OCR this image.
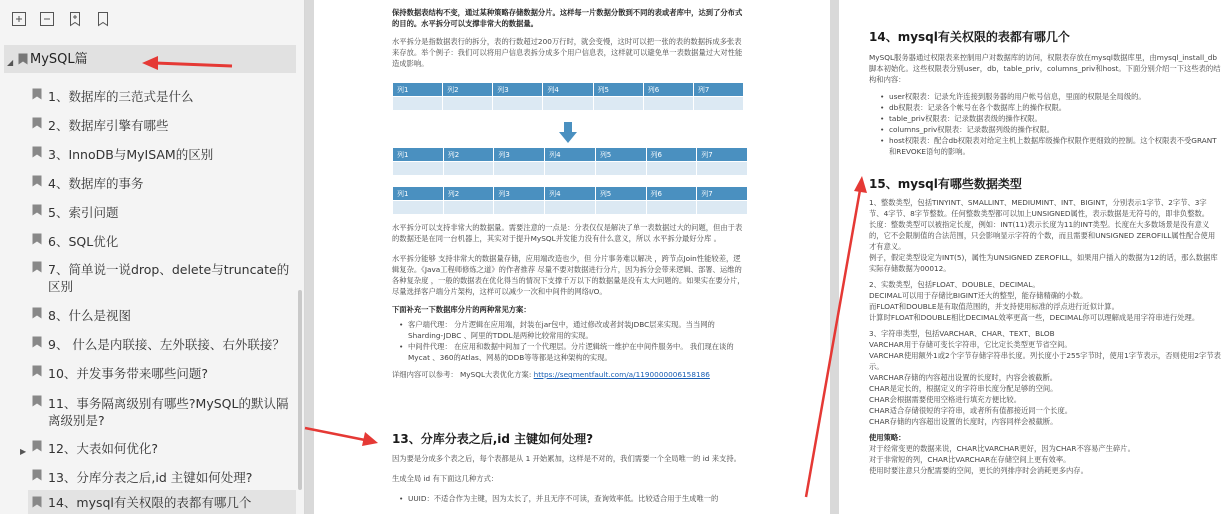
◢	MySQL篇
1、数据库的三范式是什么
2、数据库引擎有哪些
3、InnoDB与MyISAM的区别
4、数据库的事务
5、索引问题
6、SQL优化
7、简单说一说drop、delete与truncate的区别
8、什么是视图
9、 什么是内联接、左外联接、右外联接？
10、并发事务带来哪些问题?
11、事务隔离级别有哪些?MySQL的默认隔离级别是?
▶	12、大表如何优化?
13、分库分表之后,id 主键如何处理?
14、mysql有关权限的表都有哪几个

保持数据表结构不变，通过某种策略存储数据分片。这样每一片数据分散到不同的表或者库中，达到了分布式的目的。水平拆分可以支撑非常大的数据量。

水平拆分是指数据表行的拆分，表的行数超过200万行时，就会变慢，这时可以把一张的表的数据拆成多张表来存放。举个例子：我们可以将用户信息表拆分成多个用户信息表，这样就可以避免单一表数据量过大对性能造成影响。

列1	列2	列3	列4	列5	列6	列7

列1	列2	列3	列4	列5	列6	列7

列1	列2	列3	列4	列5	列6	列7

水平拆分可以支持非常大的数据量。需要注意的一点是：分表仅仅是解决了单一表数据过大的问题，但由于表的数据还是在同一台机器上，其实对于提升MySQL并发能力没有什么意义，所以 水平拆分最好分库 。

水平拆分能够 支持非常大的数据量存储，应用端改造也少，但 分片事务难以解决 ，跨节点Join性能较差，逻辑复杂。《Java工程师修炼之道》的作者推荐 尽量不要对数据进行分片，因为拆分会带来逻辑、部署、运维的各种复杂度 ，一般的数据表在优化得当的情况下支撑千万以下的数据量是没有太大问题的。如果实在要分片，尽量选择客户端分片架构，这样可以减少一次和中间件的网络I/O。

下面补充一下数据库分片的两种常见方案：

• 客户端代理： 分片逻辑在应用端，封装在jar包中，通过修改或者封装JDBC层来实现。当当网的 Sharding-JDBC 、阿里的TDDL是两种比较常用的实现。
• 中间件代理： 在应用和数据中间加了一个代理层。分片逻辑统一维护在中间件服务中。 我们现在谈的 Mycat 、360的Atlas、网易的DDB等等都是这种架构的实现。

详细内容可以参考： MySQL大表优化方案: https://segmentfault.com/a/1190000006158186

13、分库分表之后,id 主键如何处理?

因为要是分成多个表之后，每个表都是从 1 开始累加，这样是不对的，我们需要一个全局唯一的 id 来支持。

生成全局 id 有下面这几种方式：

• UUID：不适合作为主键，因为太长了，并且无序不可读，查询效率低。比较适合用于生成唯一的
14、mysql有关权限的表都有哪几个

MySQL服务器通过权限表来控制用户对数据库的访问，权限表存放在mysql数据库里，由mysql_install_db脚本初始化。这些权限表分别user，db，table_priv，columns_priv和host。下面分别介绍一下这些表的结构和内容：

• user权限表：记录允许连接到服务器的用户帐号信息，里面的权限是全局级的。
• db权限表：记录各个帐号在各个数据库上的操作权限。
• table_priv权限表：记录数据表级的操作权限。
• columns_priv权限表：记录数据列级的操作权限。
• host权限表：配合db权限表对给定主机上数据库级操作权限作更细致的控制。这个权限表不受GRANT和REVOKE语句的影响。
15、mysql有哪些数据类型

1、整数类型，包括TINYINT、SMALLINT、MEDIUMINT、INT、BIGINT，分别表示1字节、2字节、3字节、4字节、8字节整数。任何整数类型都可以加上UNSIGNED属性，表示数据是无符号的，即非负整数。

长度：整数类型可以被指定长度，例如：INT(11)表示长度为11的INT类型。长度在大多数场景是没有意义的，它不会限制值的合法范围，只会影响显示字符的个数，而且需要和UNSIGNED ZEROFILL属性配合使用才有意义。

例子，假定类型设定为INT(5)，属性为UNSIGNED ZEROFILL，如果用户插入的数据为12的话，那么数据库实际存储数据为00012。

2、实数类型，包括FLOAT、DOUBLE、DECIMAL。

DECIMAL可以用于存储比BIGINT还大的整型，能存储精确的小数。

而FLOAT和DOUBLE是有取值范围的，并支持使用标准的浮点进行近似计算。

计算时FLOAT和DOUBLE相比DECIMAL效率更高一些，DECIMAL你可以理解成是用字符串进行处理。

3、字符串类型，包括VARCHAR、CHAR、TEXT、BLOB

VARCHAR用于存储可变长字符串，它比定长类型更节省空间。

VARCHAR使用额外1或2个字节存储字符串长度。列长度小于255字节时，使用1字节表示，否则使用2字节表示。

VARCHAR存储的内容超出设置的长度时，内容会被截断。

CHAR是定长的，根据定义的字符串长度分配足够的空间。

CHAR会根据需要使用空格进行填充方便比较。

CHAR适合存储很短的字符串，或者所有值都接近同一个长度。

CHAR存储的内容超出设置的长度时，内容同样会被截断。

使用策略：

对于经常变更的数据来说，CHAR比VARCHAR更好，因为CHAR不容易产生碎片。

对于非常短的列，CHAR比VARCHAR在存储空间上更有效率。

使用时要注意只分配需要的空间，更长的列排序时会消耗更多内存。
